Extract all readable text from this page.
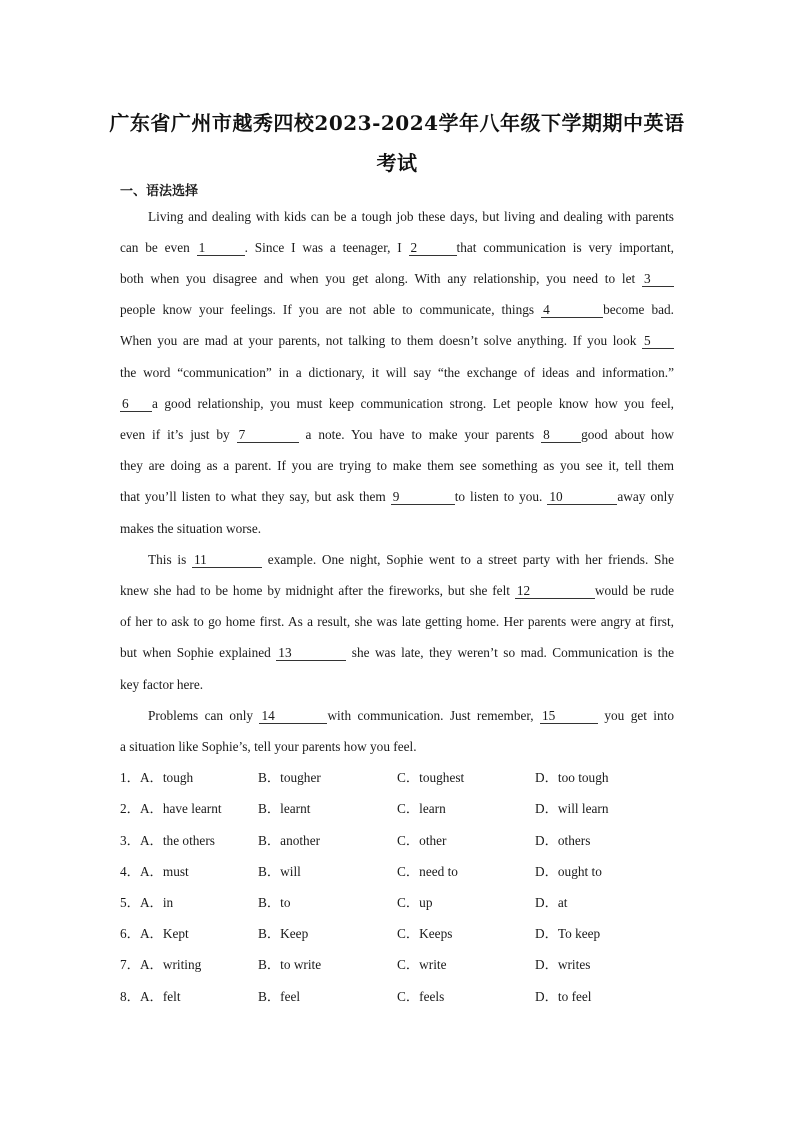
广东省广州市越秀四校2023-2024学年八年级下学期期中英语
考试
一、语法选择
Living and dealing with kids can be a tough job these days, but living and dealing with parents
can be even 1	. Since I was a teenager, I 2	that communication is very important,
both when you disagree and when you get along. With any relationship, you need to let 3
people know your feelings. If you are not able to communicate, things 4	become bad.
When you are mad at your parents, not talking to them doesn’t solve anything. If you look 5
the word “communication” in a dictionary, it will say “the exchange of ideas and information.”
6 a good relationship, you must keep communication strong. Let people know how you feel,
even if it’s just by 7	a note. You have to make your parents 8 good about how
they are doing as a parent. If you are trying to make them see something as you see it, tell them
that you’ll listen to what they say, but ask them 9	to listen to you. 10	away only
makes the situation worse.
This is 11	example. One night, Sophie went to a street party with her friends. She
knew she had to be home by midnight after the fireworks, but she felt 12	would be rude
of her to ask to go home first. As a result, she was late getting home. Her parents were angry at first,
but when Sophie explained 13	she was late, they weren’t so mad. Communication is the
key factor here.
Problems can only 14	with communication. Just remember, 15	you get into
a situation like Sophie’s, tell your parents how you feel.
1．A．tough	B．tougher	C．toughest	D．too tough
2．A．have learnt	B．learnt	C．learn	D．will learn
3．A．the others	B．another	C．other	D．others
4．A．must	B．will	C．need to	D．ought to
5．A．in	B．to	C．up	D．at
6．A．Kept	B．Keep	C．Keeps	D．To keep
7．A．writing	B．to write	C．write	D．writes
8．A．felt	B．feel	C．feels	D．to feel
